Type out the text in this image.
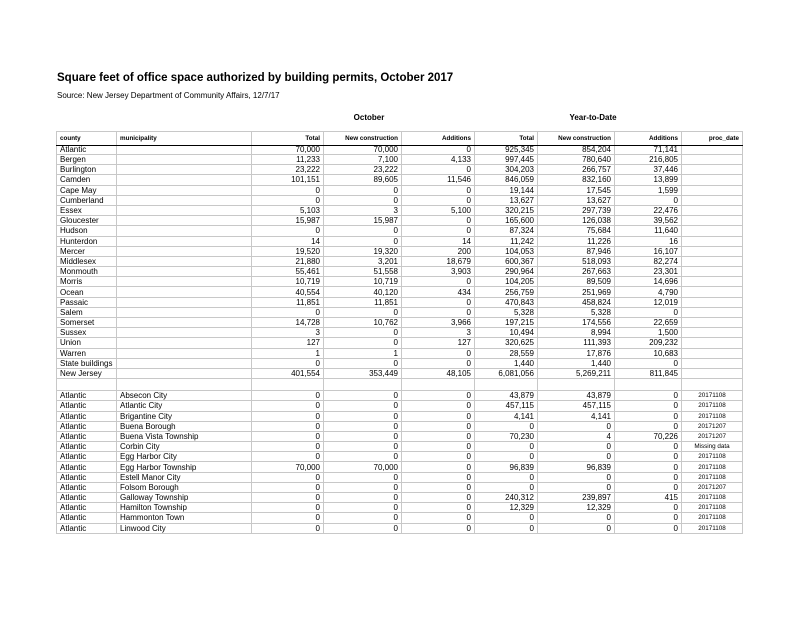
Square feet of office space authorized by building permits, October 2017
Source: New Jersey Department of Community Affairs, 12/7/17
October	Year-to-Date
county	municipality	Total	New construction	Additions	Total	New construction	Additions	proc_date
Atlantic		70,000	70,000	0	925,345	854,204	71,141	
Bergen		11,233	7,100	4,133	997,445	780,640	216,805	
Burlington		23,222	23,222	0	304,203	266,757	37,446	
Camden		101,151	89,605	11,546	846,059	832,160	13,899	
Cape May		0	0	0	19,144	17,545	1,599	
Cumberland		0	0	0	13,627	13,627	0	
Essex		5,103	3	5,100	320,215	297,739	22,476	
Gloucester		15,987	15,987	0	165,600	126,038	39,562	
Hudson		0	0	0	87,324	75,684	11,640	
Hunterdon		14	0	14	11,242	11,226	16	
Mercer		19,520	19,320	200	104,053	87,946	16,107	
Middlesex		21,880	3,201	18,679	600,367	518,093	82,274	
Monmouth		55,461	51,558	3,903	290,964	267,663	23,301	
Morris		10,719	10,719	0	104,205	89,509	14,696	
Ocean		40,554	40,120	434	256,759	251,969	4,790	
Passaic		11,851	11,851	0	470,843	458,824	12,019	
Salem		0	0	0	5,328	5,328	0	
Somerset		14,728	10,762	3,966	197,215	174,556	22,659	
Sussex		3	0	3	10,494	8,994	1,500	
Union		127	0	127	320,625	111,393	209,232	
Warren		1	1	0	28,559	17,876	10,683	
State buildings		0	0	0	1,440	1,440	0	
New Jersey		401,554	353,449	48,105	6,081,056	5,269,211	811,845	

Atlantic	Absecon City	0	0	0	43,879	43,879	0	20171108
Atlantic	Atlantic City	0	0	0	457,115	457,115	0	20171108
Atlantic	Brigantine City	0	0	0	4,141	4,141	0	20171108
Atlantic	Buena Borough	0	0	0	0	0	0	20171207
Atlantic	Buena Vista Township	0	0	0	70,230	4	70,226	20171207
Atlantic	Corbin City	0	0	0	0	0	0	Missing data
Atlantic	Egg Harbor City	0	0	0	0	0	0	20171108
Atlantic	Egg Harbor Township	70,000	70,000	0	96,839	96,839	0	20171108
Atlantic	Estell Manor City	0	0	0	0	0	0	20171108
Atlantic	Folsom Borough	0	0	0	0	0	0	20171207
Atlantic	Galloway Township	0	0	0	240,312	239,897	415	20171108
Atlantic	Hamilton Township	0	0	0	12,329	12,329	0	20171108
Atlantic	Hammonton Town	0	0	0	0	0	0	20171108
Atlantic	Linwood City	0	0	0	0	0	0	20171108
